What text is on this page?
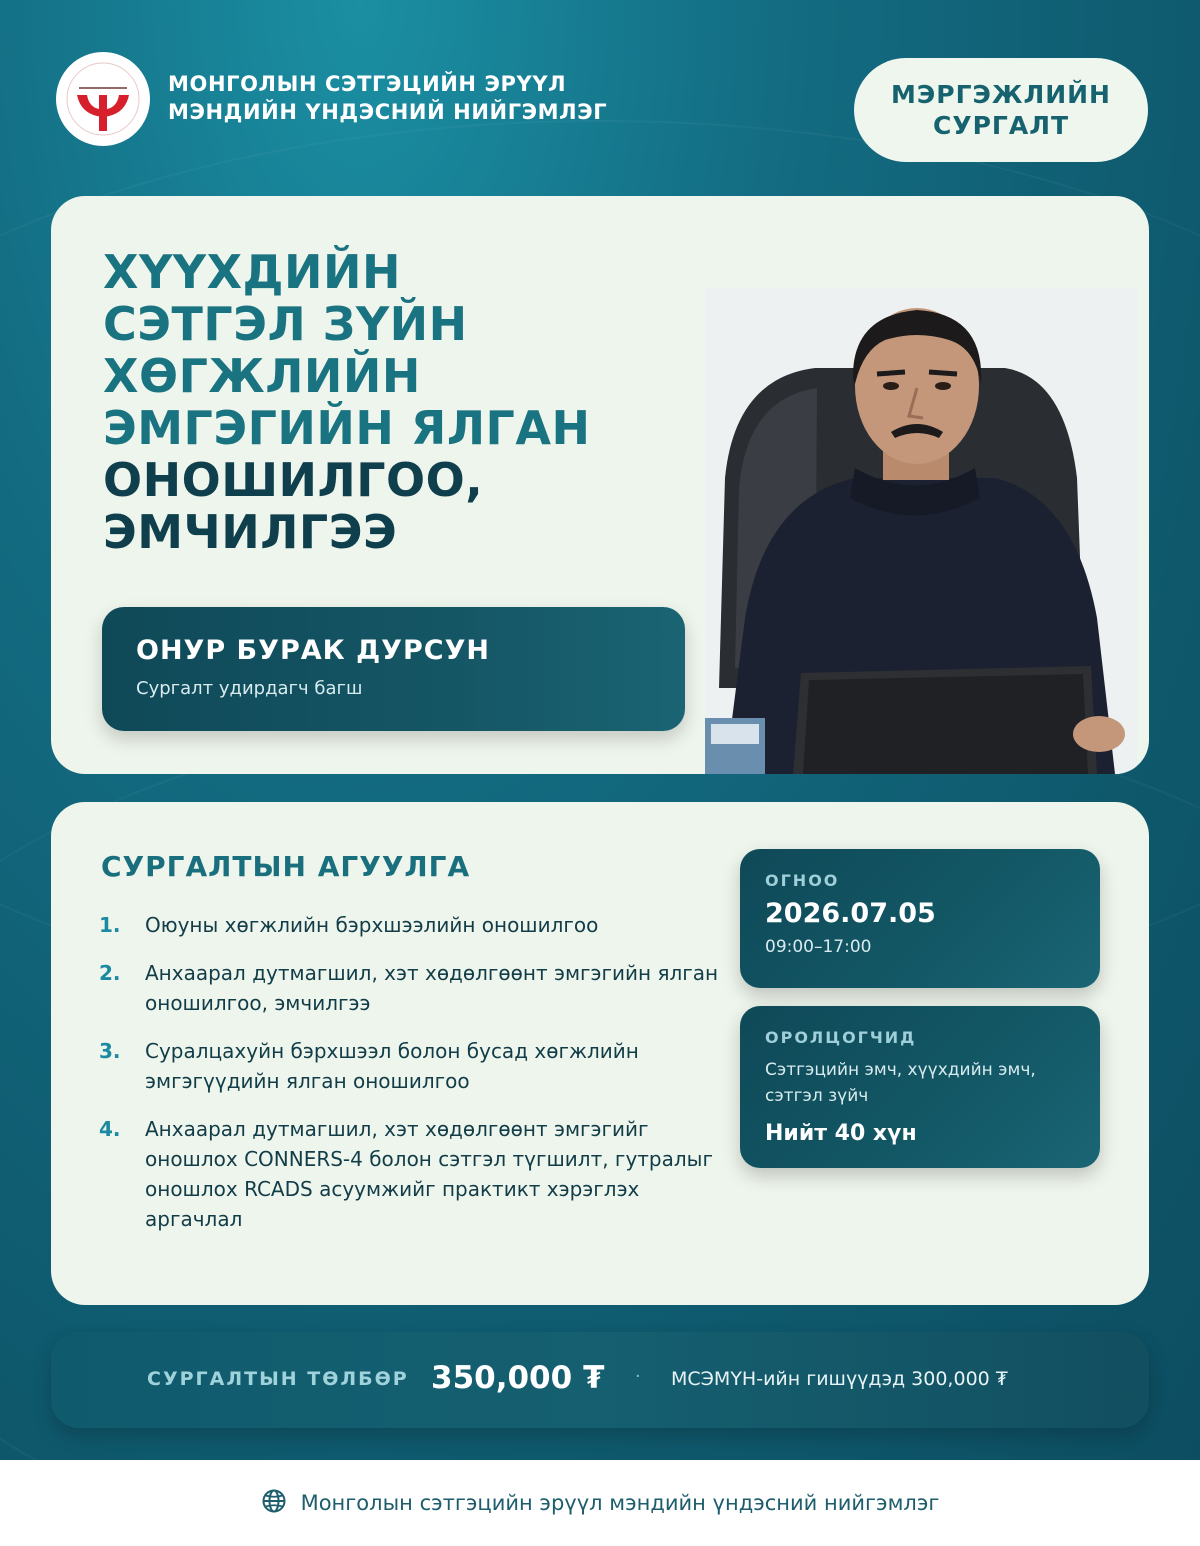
МОНГОЛЫН СЭТГЭЦИЙН ЭРҮҮЛ
МЭНДИЙН ҮНДЭСНИЙ НИЙГЭМЛЭГ
МЭРГЭЖЛИЙН
СУРГАЛТ
ХҮҮХДИЙН
СЭТГЭЛ ЗҮЙН
ХӨГЖЛИЙН
ЭМГЭГИЙН ЯЛГАН
ОНОШИЛГОО,
ЭМЧИЛГЭЭ
ОНУР БУРАК ДУРСУН
Сургалт удирдагч багш
СУРГАЛТЫН АГУУЛГА
1.	Оюуны хөгжлийн бэрхшээлийн оношилгоо
2.	Анхаарал дутмагшил, хэт хөдөлгөөнт эмгэгийн ялган оношилгоо, эмчилгээ
3.	Суралцахуйн бэрхшээл болон бусад хөгжлийн эмгэгүүдийн ялган оношилгоо
4.	Анхаарал дутмагшил, хэт хөдөлгөөнт эмгэгийг оношлох CONNERS-4 болон сэтгэл түгшилт, гутралыг оношлох RCADS асуумжийг практикт хэрэглэх аргачлал
ОГНОО
2026.07.05
09:00–17:00
ОРОЛЦОГЧИД
Сэтгэцийн эмч, хүүхдийн эмч, сэтгэл зүйч
Нийт 40 хүн
СУРГАЛТЫН ТӨЛБӨР 350,000 ₮ · МСЭМҮН-ийн гишүүдэд 300,000 ₮
Монголын сэтгэцийн эрүүл мэндийн үндэсний нийгэмлэг
